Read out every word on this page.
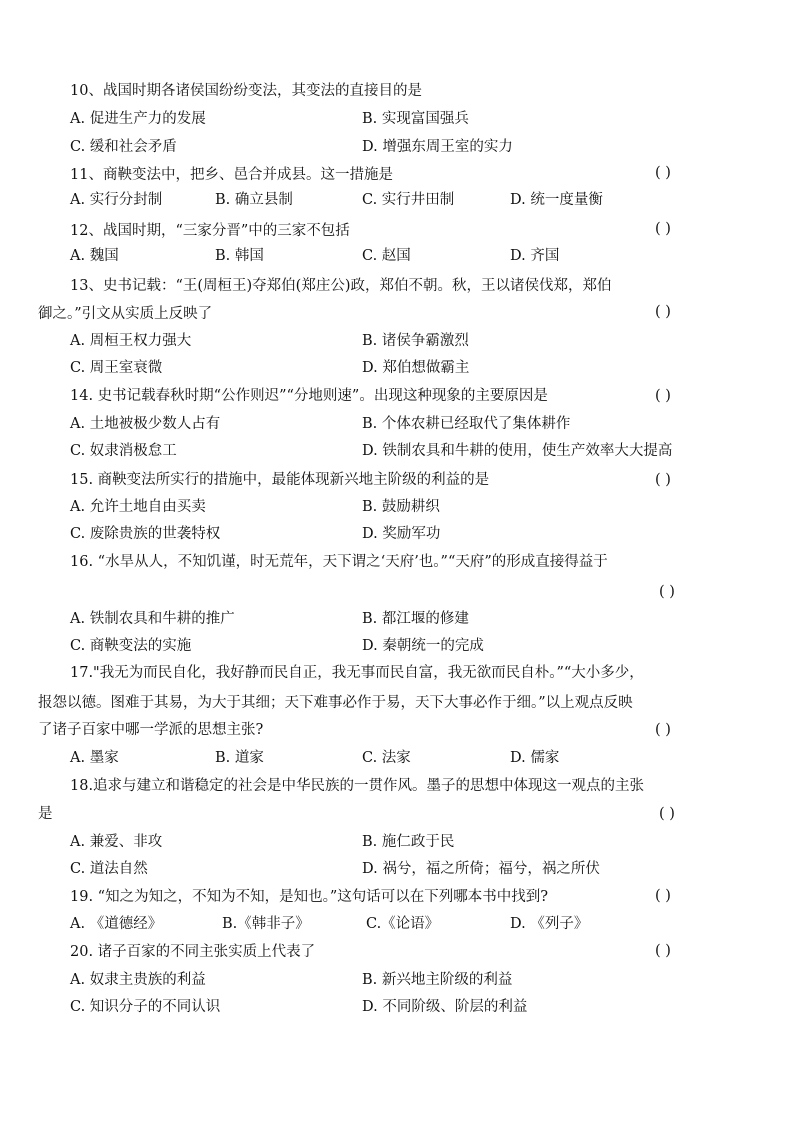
10、战国时期各诸侯国纷纷变法，其变法的直接目的是
A. 促进生产力的发展	B. 实现富国强兵
C. 缓和社会矛盾	D. 增强东周王室的实力
11、商鞅变法中，把乡、邑合并成县。这一措施是	( )
A. 实行分封制	B. 确立县制	C. 实行井田制	D. 统一度量衡
12、战国时期，“三家分晋”中的三家不包括	( )
A. 魏国	B. 韩国	C. 赵国	D. 齐国
13、史书记载：“王(周桓王)夺郑伯(郑庄公)政，郑伯不朝。秋，王以诸侯伐郑，郑伯
御之。”引文从实质上反映了	( )
A. 周桓王权力强大	B. 诸侯争霸激烈
C. 周王室衰微	D. 郑伯想做霸主
14. 史书记载春秋时期“公作则迟”“分地则速”。出现这种现象的主要原因是	( )
A. 土地被极少数人占有	B. 个体农耕已经取代了集体耕作
C. 奴隶消极怠工	D. 铁制农具和牛耕的使用，使生产效率大大提高
15. 商鞅变法所实行的措施中，最能体现新兴地主阶级的利益的是	( )
A. 允许土地自由买卖	B. 鼓励耕织
C. 废除贵族的世袭特权	D. 奖励军功
16. “水旱从人，不知饥谨，时无荒年，天下谓之‘天府’也。”“天府”的形成直接得益于
( )
A. 铁制农具和牛耕的推广	B. 都江堰的修建
C. 商鞅变法的实施	D. 秦朝统一的完成
17."我无为而民自化，我好静而民自正，我无事而民自富，我无欲而民自朴。”“大小多少，
报怨以德。图难于其易，为大于其细；天下难事必作于易，天下大事必作于细。”以上观点反映
了诸子百家中哪一学派的思想主张?	( )
A. 墨家	B. 道家	C. 法家	D. 儒家
18.追求与建立和谐稳定的社会是中华民族的一贯作风。墨子的思想中体现这一观点的主张
是	( )
A. 兼爱、非攻	B. 施仁政于民
C. 道法自然	D. 祸兮，福之所倚；福兮，祸之所伏
19. “知之为知之，不知为不知，是知也。”这句话可以在下列哪本书中找到?	( )
A. 《道德经》	B.《韩非子》	C.《论语》	D. 《列子》
20. 诸子百家的不同主张实质上代表了	( )
A. 奴隶主贵族的利益	B. 新兴地主阶级的利益
C. 知识分子的不同认识	D. 不同阶级、阶层的利益
